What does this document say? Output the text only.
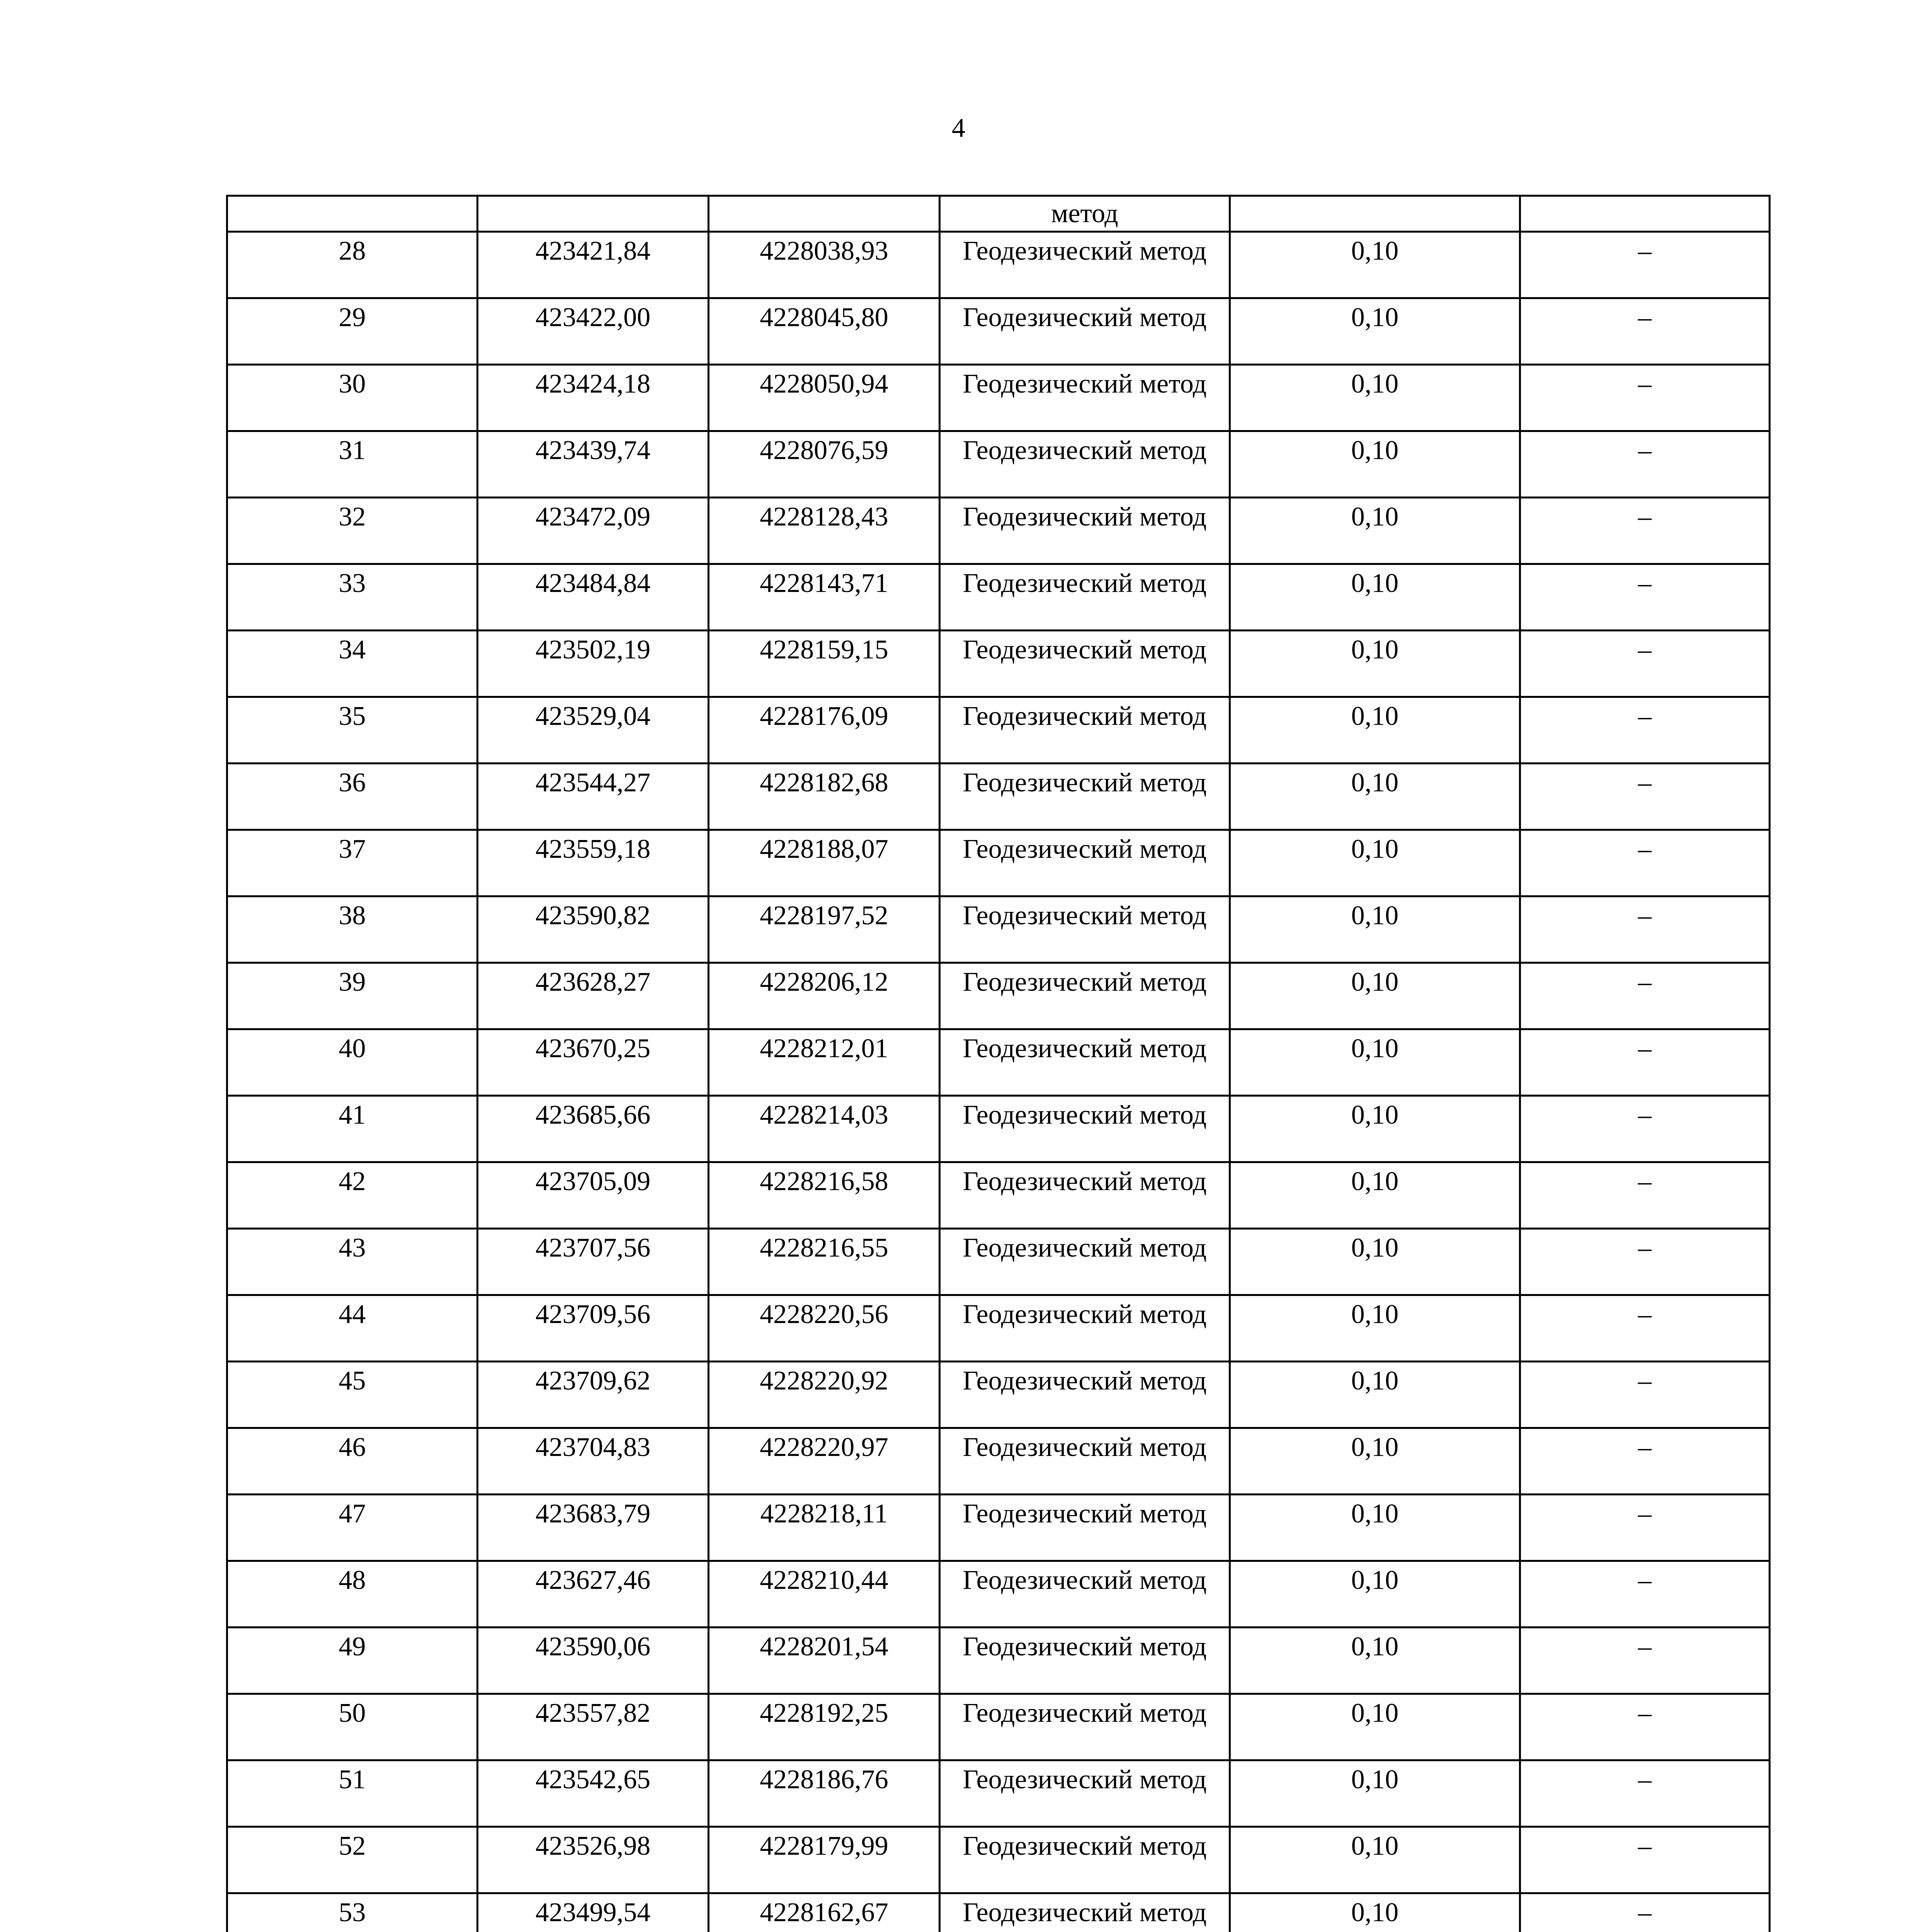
4
			метод		
28	423421,84	4228038,93	Геодезический метод	0,10	–
29	423422,00	4228045,80	Геодезический метод	0,10	–
30	423424,18	4228050,94	Геодезический метод	0,10	–
31	423439,74	4228076,59	Геодезический метод	0,10	–
32	423472,09	4228128,43	Геодезический метод	0,10	–
33	423484,84	4228143,71	Геодезический метод	0,10	–
34	423502,19	4228159,15	Геодезический метод	0,10	–
35	423529,04	4228176,09	Геодезический метод	0,10	–
36	423544,27	4228182,68	Геодезический метод	0,10	–
37	423559,18	4228188,07	Геодезический метод	0,10	–
38	423590,82	4228197,52	Геодезический метод	0,10	–
39	423628,27	4228206,12	Геодезический метод	0,10	–
40	423670,25	4228212,01	Геодезический метод	0,10	–
41	423685,66	4228214,03	Геодезический метод	0,10	–
42	423705,09	4228216,58	Геодезический метод	0,10	–
43	423707,56	4228216,55	Геодезический метод	0,10	–
44	423709,56	4228220,56	Геодезический метод	0,10	–
45	423709,62	4228220,92	Геодезический метод	0,10	–
46	423704,83	4228220,97	Геодезический метод	0,10	–
47	423683,79	4228218,11	Геодезический метод	0,10	–
48	423627,46	4228210,44	Геодезический метод	0,10	–
49	423590,06	4228201,54	Геодезический метод	0,10	–
50	423557,82	4228192,25	Геодезический метод	0,10	–
51	423542,65	4228186,76	Геодезический метод	0,10	–
52	423526,98	4228179,99	Геодезический метод	0,10	–
53	423499,54	4228162,67	Геодезический метод	0,10	–
